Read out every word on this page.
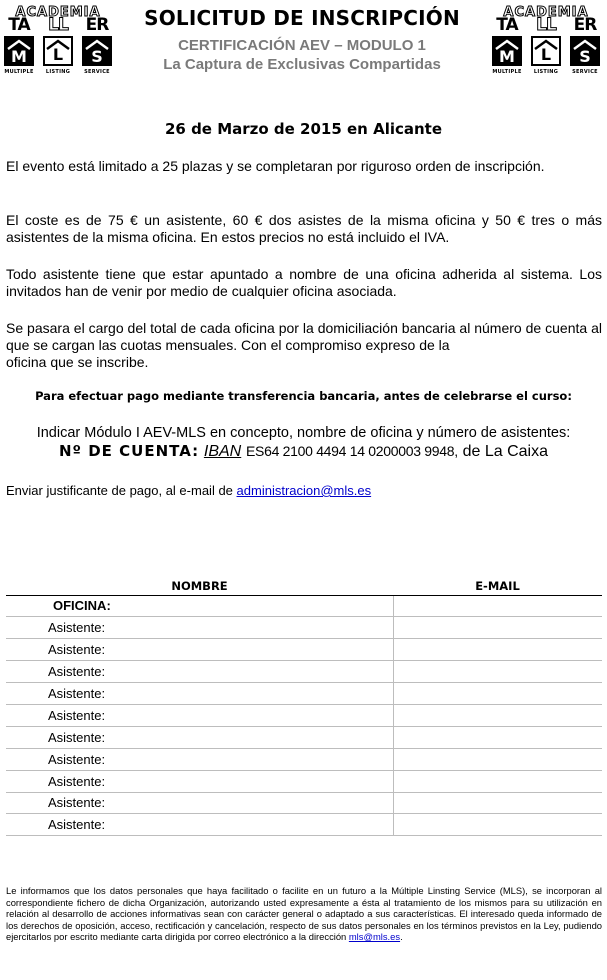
ACADEMIA
TA
M
MULTIPLE
LL
L
LISTING
ER
S
SERVICE
SOLICITUD DE INSCRIPCIÓN
CERTIFICACIÓN AEV – MODULO 1
La Captura de Exclusivas Compartidas
ACADEMIA
TA
M
MULTIPLE
LL
L
LISTING
ER
S
SERVICE
26 de Marzo de 2015 en Alicante

El evento está limitado a 25 plazas y se completaran por riguroso orden de inscripción.

El coste es de 75 € un asistente, 60 € dos asistes de la misma oficina y 50 € tres o más asistentes de la misma oficina. En estos precios no está incluido el IVA.

Todo asistente tiene que estar apuntado a nombre de una oficina adherida al sistema. Los invitados han de venir por medio de cualquier oficina asociada.

Se pasara el cargo del total de cada oficina por la domiciliación bancaria al número de cuenta al que se cargan las cuotas mensuales. Con el compromiso expreso de la
oficina que se inscribe.

Para efectuar pago mediante transferencia bancaria, antes de celebrarse el curso:
Indicar Módulo I AEV-MLS en concepto, nombre de oficina y número de asistentes:
Nº DE CUENTA: IBAN ES64 2100 4494 14 0200003 9948, de La Caixa
Enviar justificante de pago, al e-mail de administracion@mls.es
NOMBRE	E-MAIL
OFICINA:	
Asistente:	
Asistente:	
Asistente:	
Asistente:	
Asistente:	
Asistente:	
Asistente:	
Asistente:	
Asistente:	
Asistente:	

Le informamos que los datos personales que haya facilitado o facilite en un futuro a la Múltiple Linsting Service (MLS), se incorporan al correspondiente fichero de dicha Organización, autorizando usted expresamente a ésta al tratamiento de los mismos para su utilización en relación al desarrollo de acciones informativas sean con carácter general o adaptado a sus características. El interesado queda informado de los derechos de oposición, acceso, rectificación y cancelación, respecto de sus datos personales en los términos previstos en la Ley, pudiendo ejercitarlos por escrito mediante carta dirigida por correo electrónico a la dirección mls@mls.es.
